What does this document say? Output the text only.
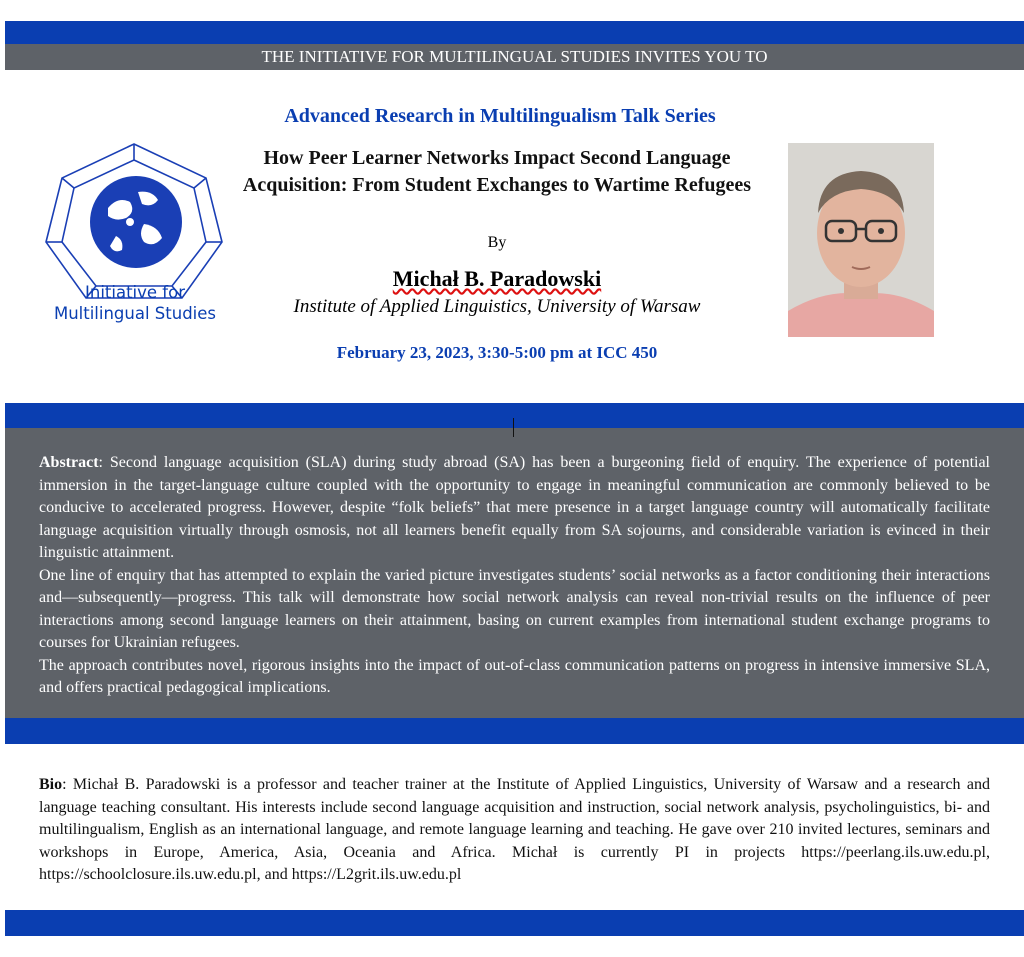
THE INITIATIVE FOR MULTILINGUAL STUDIES INVITES YOU TO
Initiative for
Multilingual Studies
Advanced Research in Multilingualism Talk Series
How Peer Learner Networks Impact Second Language Acquisition: From Student Exchanges to Wartime Refugees
By
Michał B. Paradowski
Institute of Applied Linguistics, University of Warsaw
February 23, 2023, 3:30-5:00 pm at ICC 450
Abstract: Second language acquisition (SLA) during study abroad (SA) has been a burgeoning field of enquiry. The experience of potential immersion in the target-language culture coupled with the opportunity to engage in meaningful communication are commonly believed to be conducive to accelerated progress. However, despite “folk beliefs” that mere presence in a target language country will automatically facilitate language acquisition virtually through osmosis, not all learners benefit equally from SA sojourns, and considerable variation is evinced in their linguistic attainment.
One line of enquiry that has attempted to explain the varied picture investigates students’ social networks as a factor conditioning their interactions and—subsequently—progress. This talk will demonstrate how social network analysis can reveal non-trivial results on the influence of peer interactions among second language learners on their attainment, basing on current examples from international student exchange programs to courses for Ukrainian refugees.
The approach contributes novel, rigorous insights into the impact of out-of-class communication patterns on progress in intensive immersive SLA, and offers practical pedagogical implications.
Bio: Michał B. Paradowski is a professor and teacher trainer at the Institute of Applied Linguistics, University of Warsaw and a research and language teaching consultant. His interests include second language acquisition and instruction, social network analysis, psycholinguistics, bi- and multilingualism, English as an international language, and remote language learning and teaching. He gave over 210 invited lectures, seminars and workshops in Europe, America, Asia, Oceania and Africa. Michał is currently PI in projects https://peerlang.ils.uw.edu.pl, https://schoolclosure.ils.uw.edu.pl, and https://L2grit.ils.uw.edu.pl
